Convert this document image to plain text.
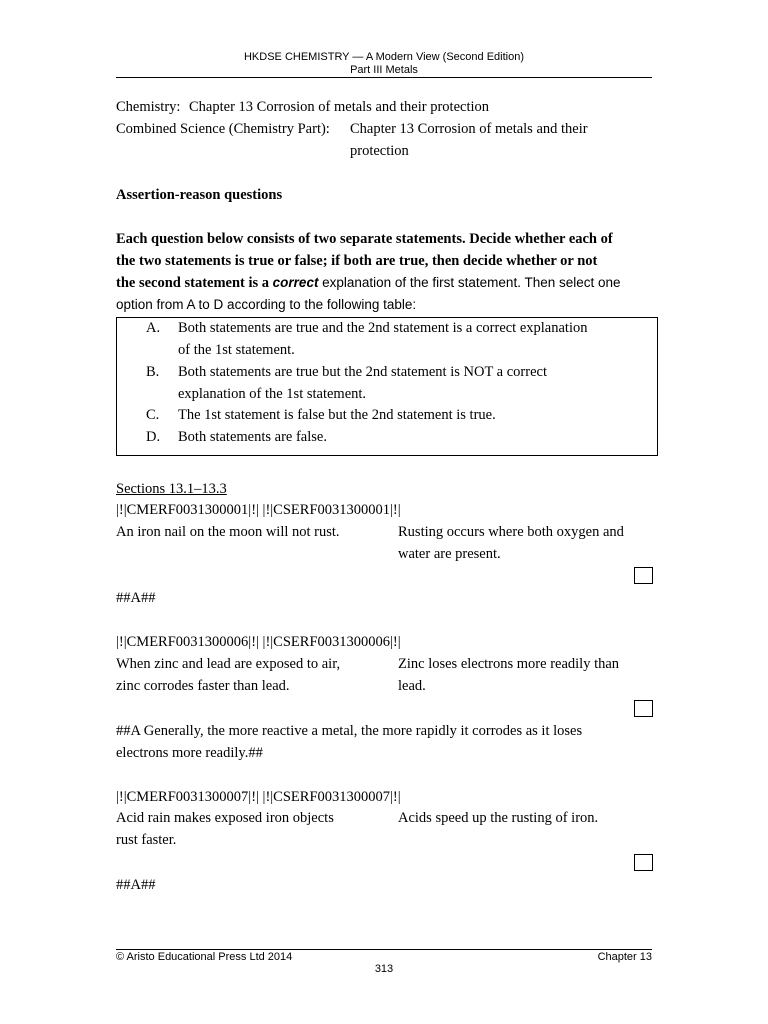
HKDSE CHEMISTRY — A Modern View (Second Edition)
Part III Metals
Chemistry: Chapter 13 Corrosion of metals and their protection
Combined Science (Chemistry Part): Chapter 13 Corrosion of metals and their
protection
Assertion-reason questions
Each question below consists of two separate statements. Decide whether each of
the two statements is true or false; if both are true, then decide whether or not
the second statement is a correct explanation of the first statement. Then select one
option from A to D according to the following table:
A. Both statements are true and the 2nd statement is a correct explanation
of the 1st statement.
B. Both statements are true but the 2nd statement is NOT a correct
explanation of the 1st statement.
C. The 1st statement is false but the 2nd statement is true.
D. Both statements are false.
Sections 13.1–13.3
|!|CMERF0031300001|!| |!|CSERF0031300001|!|
An iron nail on the moon will not rust.	Rusting occurs where both oxygen and
water are present.
##A##
|!|CMERF0031300006|!| |!|CSERF0031300006|!|
When zinc and lead are exposed to air,
zinc corrodes faster than lead.
Zinc loses electrons more readily than
lead.
##A Generally, the more reactive a metal, the more rapidly it corrodes as it loses
electrons more readily.##
|!|CMERF0031300007|!| |!|CSERF0031300007|!|
Acid rain makes exposed iron objects
rust faster.
Acids speed up the rusting of iron.
##A##
© Aristo Educational Press Ltd 2014	Chapter 13
313
